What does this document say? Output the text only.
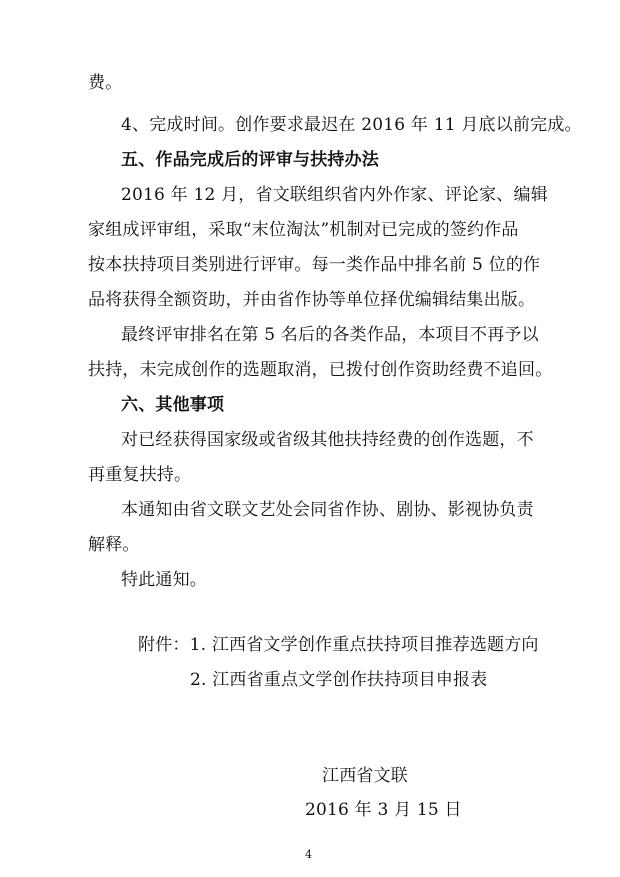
费。
4、完成时间。创作要求最迟在 2016 年 11 月底以前完成。
五、作品完成后的评审与扶持办法
2016 年 12 月，省文联组织省内外作家、评论家、编辑
家组成评审组，采取“末位淘汰”机制对已完成的签约作品
按本扶持项目类别进行评审。每一类作品中排名前 5 位的作
品将获得全额资助，并由省作协等单位择优编辑结集出版。
最终评审排名在第 5 名后的各类作品，本项目不再予以
扶持，未完成创作的选题取消，已拨付创作资助经费不追回。
六、其他事项
对已经获得国家级或省级其他扶持经费的创作选题，不
再重复扶持。
本通知由省文联文艺处会同省作协、剧协、影视协负责
解释。
特此通知。
附件：1. 江西省文学创作重点扶持项目推荐选题方向
2. 江西省重点文学创作扶持项目申报表
江西省文联
2016 年 3 月 15 日
4
